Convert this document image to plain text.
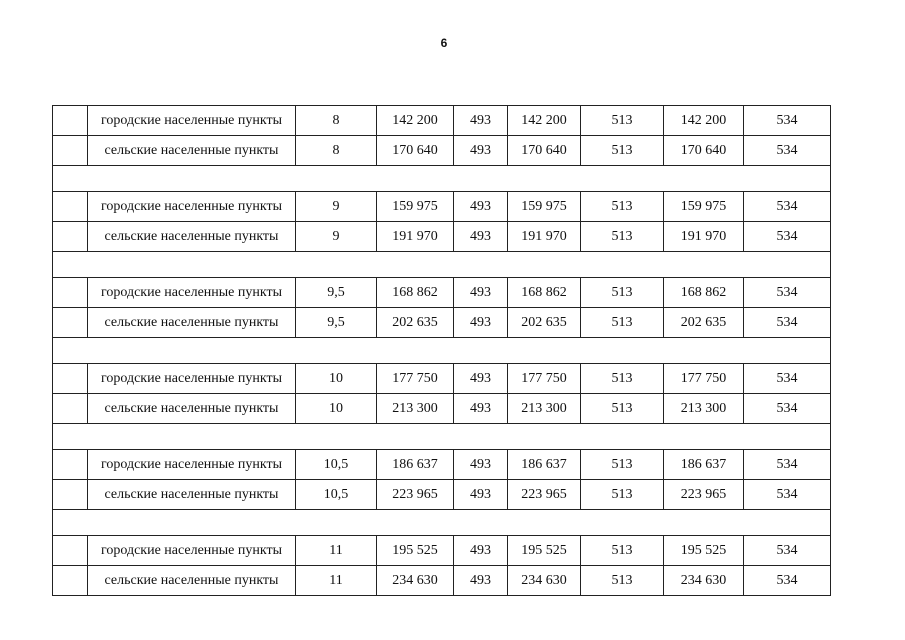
6
	городские населенные пункты	8	142 200	493	142 200	513	142 200	534
	сельские населенные пункты	8	170 640	493	170 640	513	170 640	534

	городские населенные пункты	9	159 975	493	159 975	513	159 975	534
	сельские населенные пункты	9	191 970	493	191 970	513	191 970	534

	городские населенные пункты	9,5	168 862	493	168 862	513	168 862	534
	сельские населенные пункты	9,5	202 635	493	202 635	513	202 635	534

	городские населенные пункты	10	177 750	493	177 750	513	177 750	534
	сельские населенные пункты	10	213 300	493	213 300	513	213 300	534

	городские населенные пункты	10,5	186 637	493	186 637	513	186 637	534
	сельские населенные пункты	10,5	223 965	493	223 965	513	223 965	534

	городские населенные пункты	11	195 525	493	195 525	513	195 525	534
	сельские населенные пункты	11	234 630	493	234 630	513	234 630	534
